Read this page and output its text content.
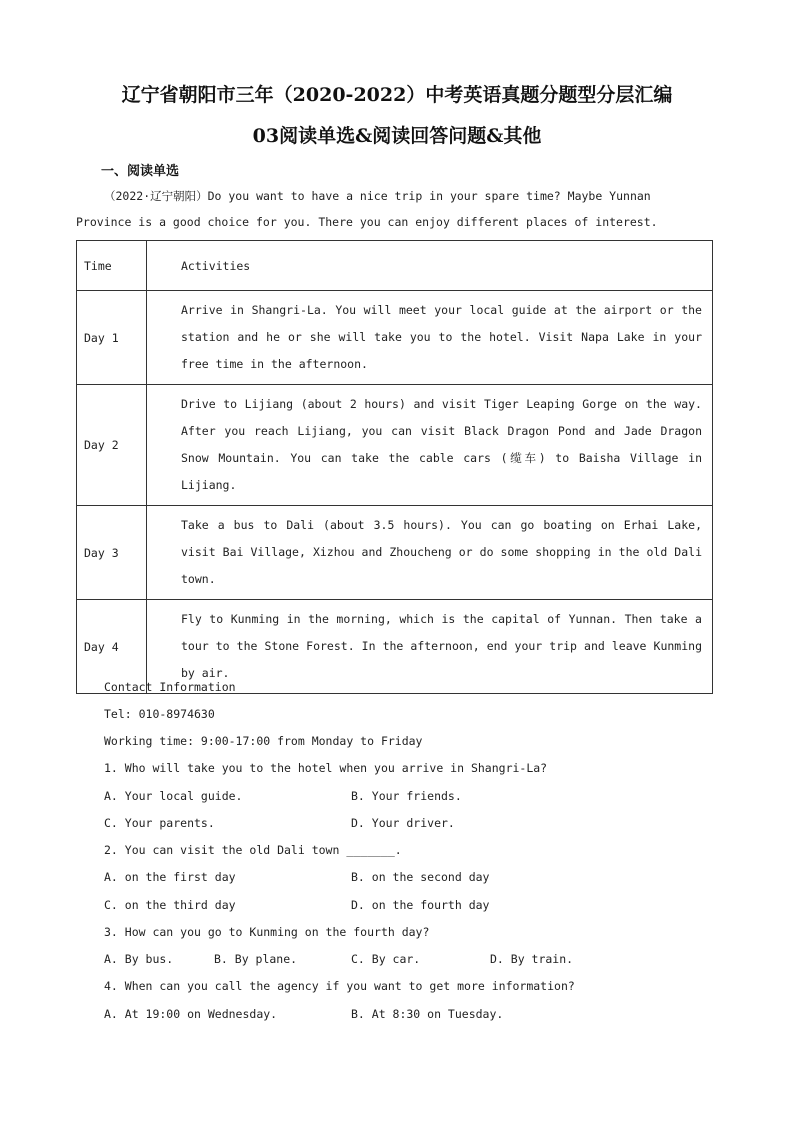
辽宁省朝阳市三年（2020-2022）中考英语真题分题型分层汇编
03阅读单选&阅读回答问题&其他
一、阅读单选
（2022·辽宁朝阳）Do you want to have a nice trip in your spare time? Maybe Yunnan
Province is a good choice for you. There you can enjoy different places of interest.
Time	Activities
Day 1	Arrive in Shangri-La. You will meet your local guide at the airport or the station and he or she will take you to the hotel. Visit Napa Lake in your free time in the afternoon.

Day 2	Drive to Lijiang (about 2 hours) and visit Tiger Leaping Gorge on the way. After you reach Lijiang, you can visit Black Dragon Pond and Jade Dragon Snow Mountain. You can take the cable cars (缆车) to Baisha Village in Lijiang.

Day 3	Take a bus to Dali (about 3.5 hours). You can go boating on Erhai Lake, visit Bai Village, Xizhou and Zhoucheng or do some shopping in the old Dali town.

Day 4	Fly to Kunming in the morning, which is the capital of Yunnan. Then take a tour to the Stone Forest. In the afternoon, end your trip and leave Kunming by air.
Contact Information
Tel: 010-8974630
Working time: 9:00-17:00 from Monday to Friday
1. Who will take you to the hotel when you arrive in Shangri-La?
A. Your local guide.	B. Your friends.
C. Your parents.	D. Your driver.
2. You can visit the old Dali town _______.
A. on the first day	B. on the second day
C. on the third day	D. on the fourth day
3. How can you go to Kunming on the fourth day?
A. By bus.	B. By plane.	C. By car.	D. By train.
4. When can you call the agency if you want to get more information?
A. At 19:00 on Wednesday.	B. At 8:30 on Tuesday.
